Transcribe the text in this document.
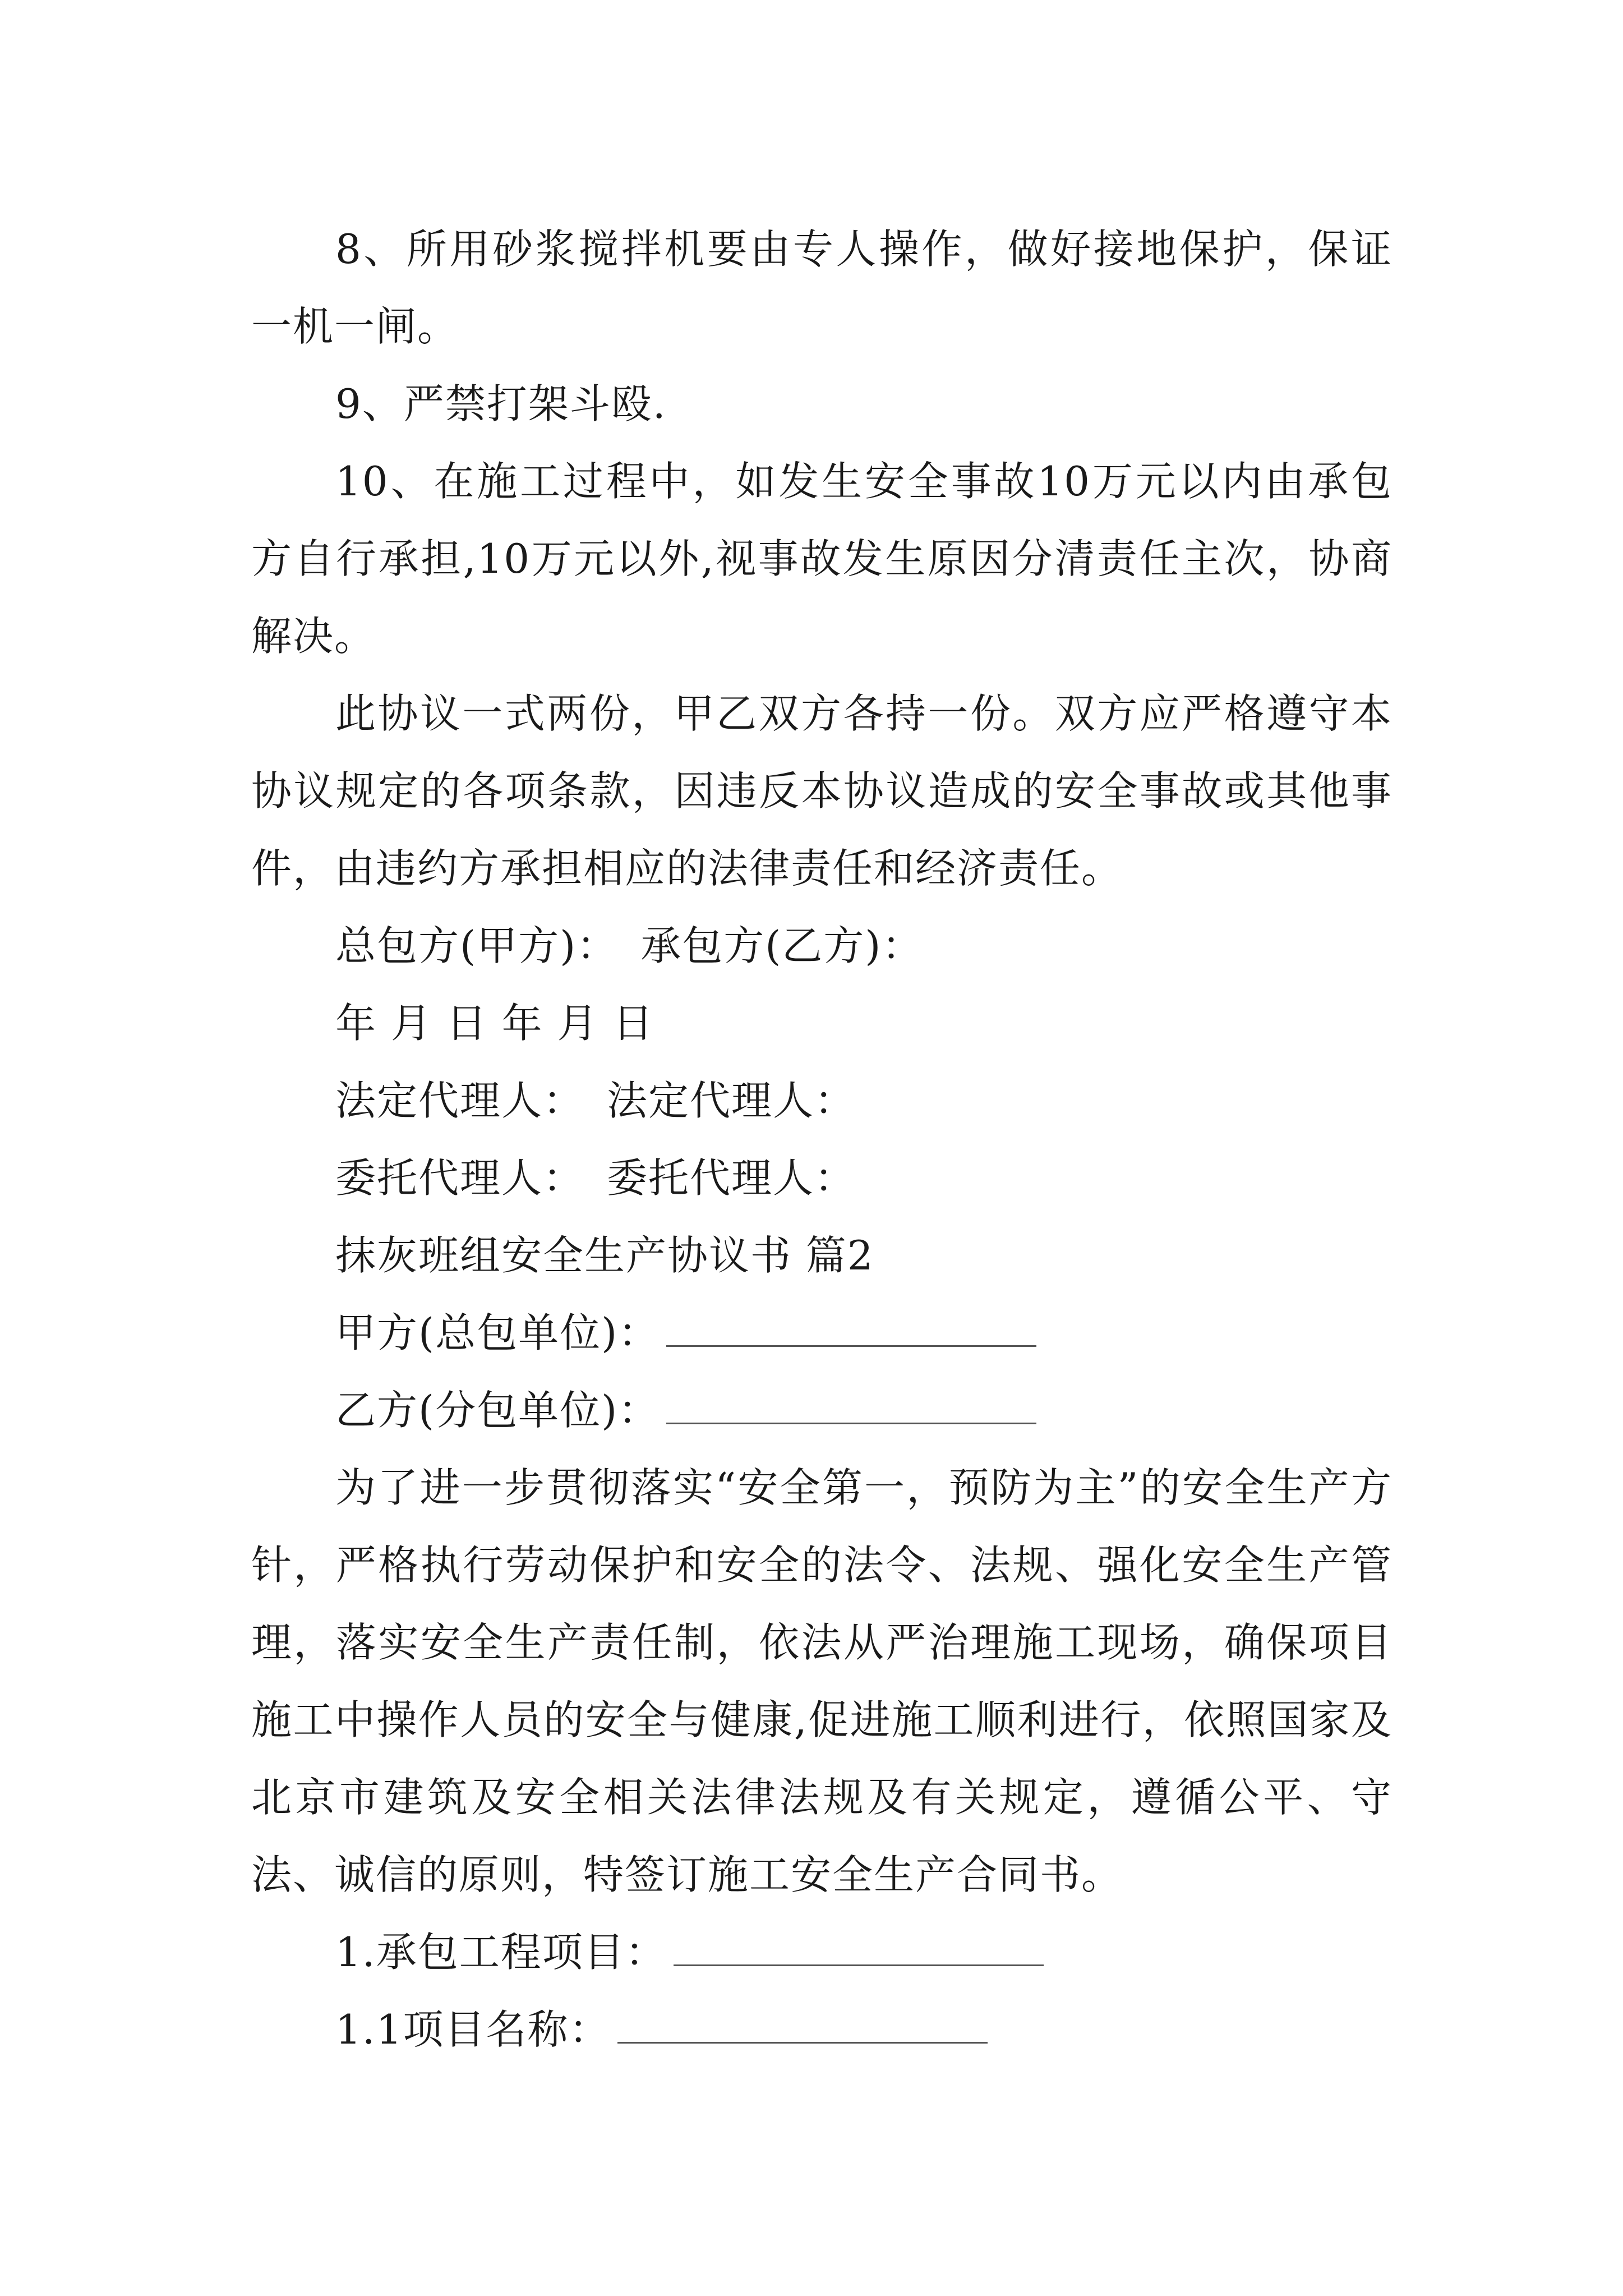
8、所用砂浆搅拌机要由专人操作，做好接地保护，保证一机一闸。

9、严禁打架斗殴.

10、在施工过程中，如发生安全事故10万元以内由承包方自行承担,10万元以外,视事故发生原因分清责任主次，协商解决。

此协议一式两份，甲乙双方各持一份。双方应严格遵守本协议规定的各项条款，因违反本协议造成的安全事故或其他事件，由违约方承担相应的法律责任和经济责任。

总包方(甲方)： 承包方(乙方)：

年 月 日 年 月 日

法定代理人： 法定代理人：

委托代理人： 委托代理人：

抹灰班组安全生产协议书 篇2

甲方(总包单位)：

乙方(分包单位)：

为了进一步贯彻落实“安全第一，预防为主”的安全生产方针，严格执行劳动保护和安全的法令、法规、强化安全生产管理，落实安全生产责任制，依法从严治理施工现场，确保项目施工中操作人员的安全与健康,促进施工顺利进行，依照国家及北京市建筑及安全相关法律法规及有关规定，遵循公平、守法、诚信的原则，特签订施工安全生产合同书。

1.承包工程项目：

1.1项目名称：
